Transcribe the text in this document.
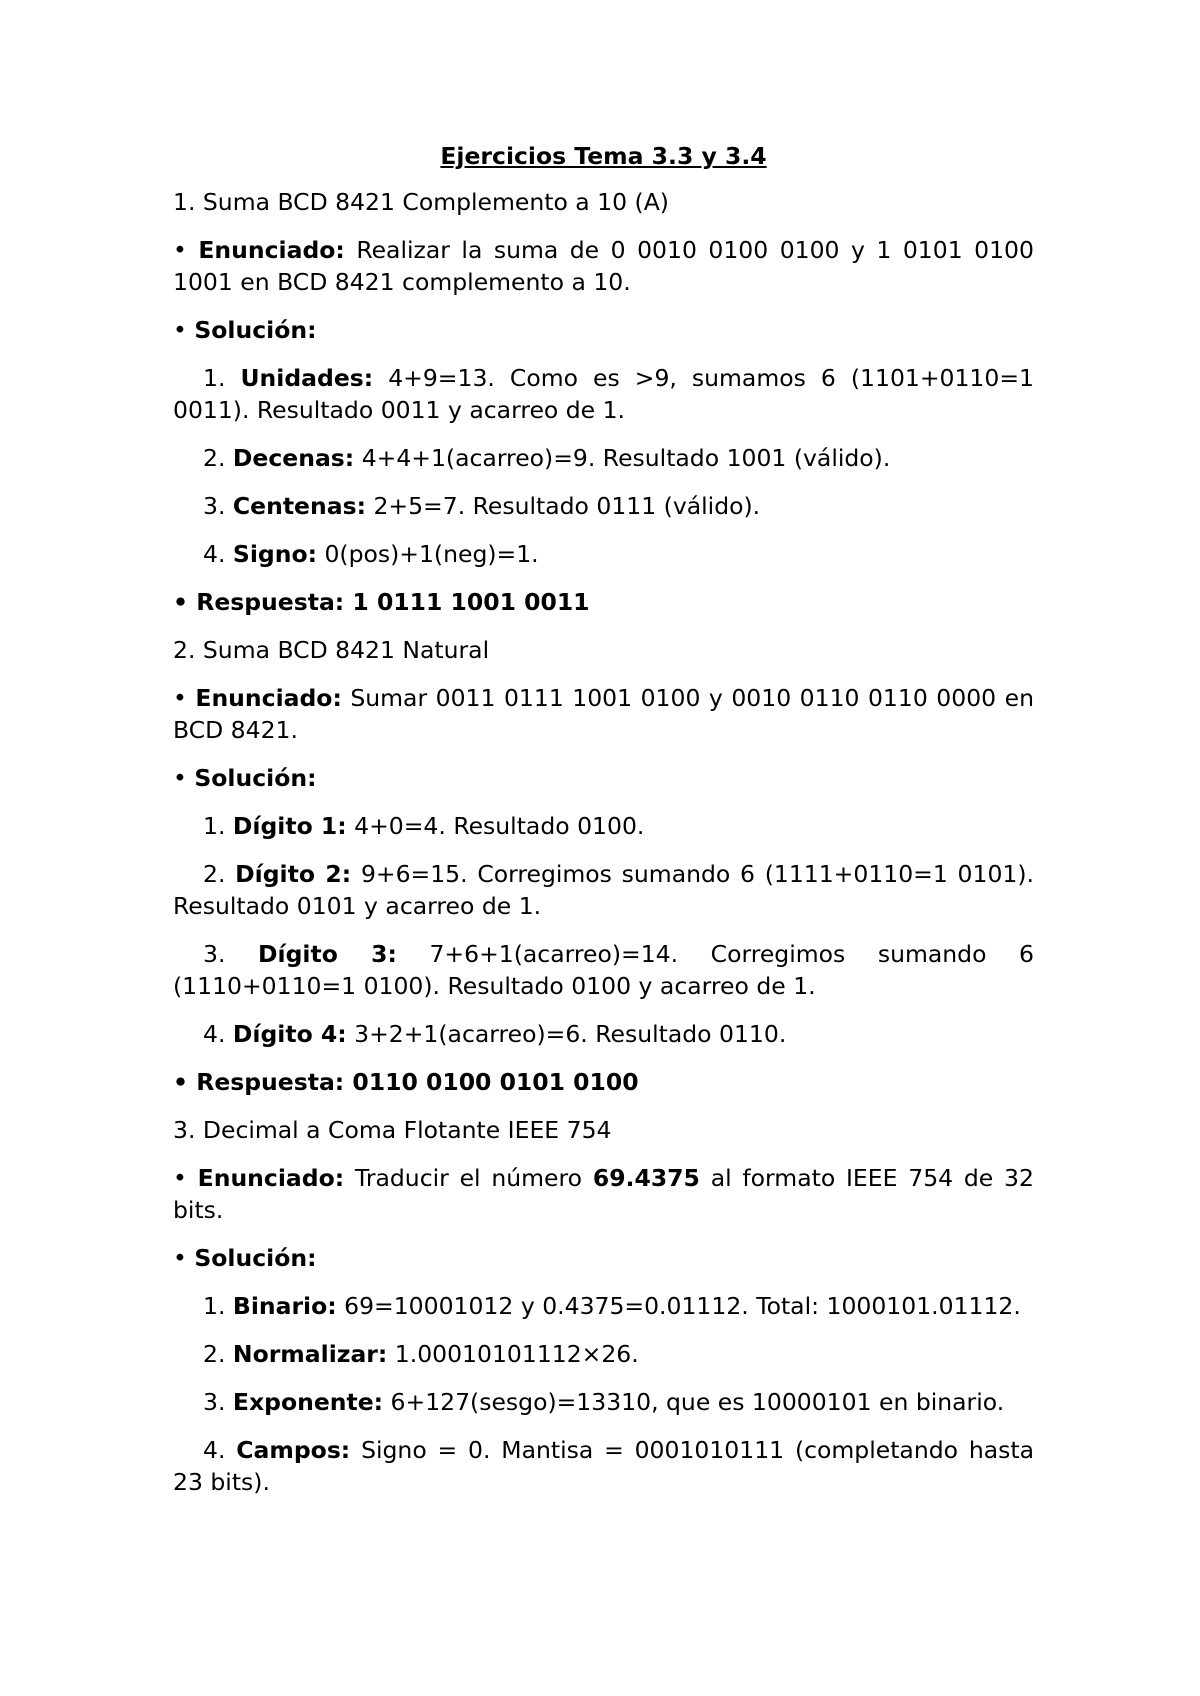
Ejercicios Tema 3.3 y 3.4

1. Suma BCD 8421 Complemento a 10 (A)

• Enunciado: Realizar la suma de 0 0010 0100 0100 y 1 0101 0100 1001 en BCD 8421 complemento a 10.

• Solución:

1. Unidades: 4+9=13. Como es >9, sumamos 6 (1101+0110=1 0011). Resultado 0011 y acarreo de 1.

2. Decenas: 4+4+1(acarreo)=9. Resultado 1001 (válido).

3. Centenas: 2+5=7. Resultado 0111 (válido).

4. Signo: 0(pos)+1(neg)=1.

• Respuesta: 1 0111 1001 0011

2. Suma BCD 8421 Natural

• Enunciado: Sumar 0011 0111 1001 0100 y 0010 0110 0110 0000 en BCD 8421.

• Solución:

1. Dígito 1: 4+0=4. Resultado 0100.

2. Dígito 2: 9+6=15. Corregimos sumando 6 (1111+0110=1 0101). Resultado 0101 y acarreo de 1.

3. Dígito 3: 7+6+1(acarreo)=14. Corregimos sumando 6 (1110+0110=1 0100). Resultado 0100 y acarreo de 1.

4. Dígito 4: 3+2+1(acarreo)=6. Resultado 0110.

• Respuesta: 0110 0100 0101 0100

3. Decimal a Coma Flotante IEEE 754

• Enunciado: Traducir el número 69.4375 al formato IEEE 754 de 32 bits.

• Solución:

1. Binario: 69=10001012 y 0.4375=0.01112. Total: 1000101.01112.

2. Normalizar: 1.00010101112×26.

3. Exponente: 6+127(sesgo)=13310, que es 10000101 en binario.

4. Campos: Signo = 0. Mantisa = 0001010111 (completando hasta 23 bits).
